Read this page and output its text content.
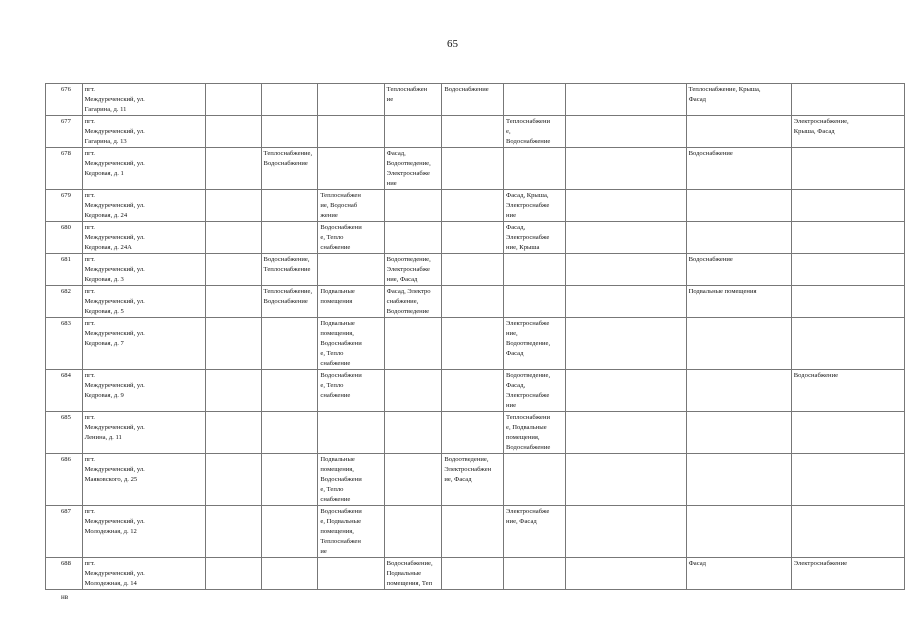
65
676	пгт.
Междуреченский, ул.
Гагарина, д. 11				Теплоснабжен
ие	Водоснабжение			Теплоснабжение, Крыша,
Фасад	
677	пгт.
Междуреченский, ул.
Гагарина, д. 13						Теплоснабжени
е,
Водоснабжение			Электроснабжение,
Крыша, Фасад
678	пгт.
Междуреченский, ул.
Кедровая, д. 1		Теплоснабжение,
Водоснабжение		Фасад,
Водоотведение,
Электроснабже
ние				Водоснабжение	
679	пгт.
Междуреченский, ул.
Кедровая, д. 24			Теплоснабжен
ие, Водоснаб
жение			Фасад, Крыша,
Электроснабже
ние			
680	пгт.
Междуреченский, ул.
Кедровая, д. 24А			Водоснабжени
е, Тепло
снабжение			Фасад,
Электроснабже
ние, Крыша			
681	пгт.
Междуреченский, ул.
Кедровая, д. 3		Водоснабжение,
Теплоснабжение		Водоотведение,
Электроснабже
ние, Фасад				Водоснабжение	
682	пгт.
Междуреченский, ул.
Кедровая, д. 5		Теплоснабжение,
Водоснабжение	Подвальные
помещения	Фасад, Электро
снабжение,
Водоотведение				Подвальные помещения	
683	пгт.
Междуреченский, ул.
Кедровая, д. 7			Подвальные
помещения,
Водоснабжени
е, Тепло
снабжение			Электроснабже
ние,
Водоотведение,
Фасад			
684	пгт.
Междуреченский, ул.
Кедровая, д. 9			Водоснабжени
е, Тепло
снабжение			Водоотведение,
Фасад,
Электроснабже
ние			Водоснабжение
685	пгт.
Междуреченский, ул.
Ленина, д. 11						Теплоснабжени
е, Подвальные
помещения,
Водоснабжение			
686	пгт.
Междуреченский, ул.
Маяковского, д. 25			Подвальные
помещения,
Водоснабжени
е, Тепло
снабжение		Водоотведение,
Электроснабжен
ие, Фасад				
687	пгт.
Междуреченский, ул.
Молодежная, д. 12			Водоснабжени
е, Подвальные
помещения,
Теплоснабжен
ие			Электроснабже
ние, Фасад			
688	пгт.
Междуреченский, ул.
Молодежная, д. 14				Водоснабжение,
Подвальные
помещения, Теп				Фасад	Электроснабжение
нв
